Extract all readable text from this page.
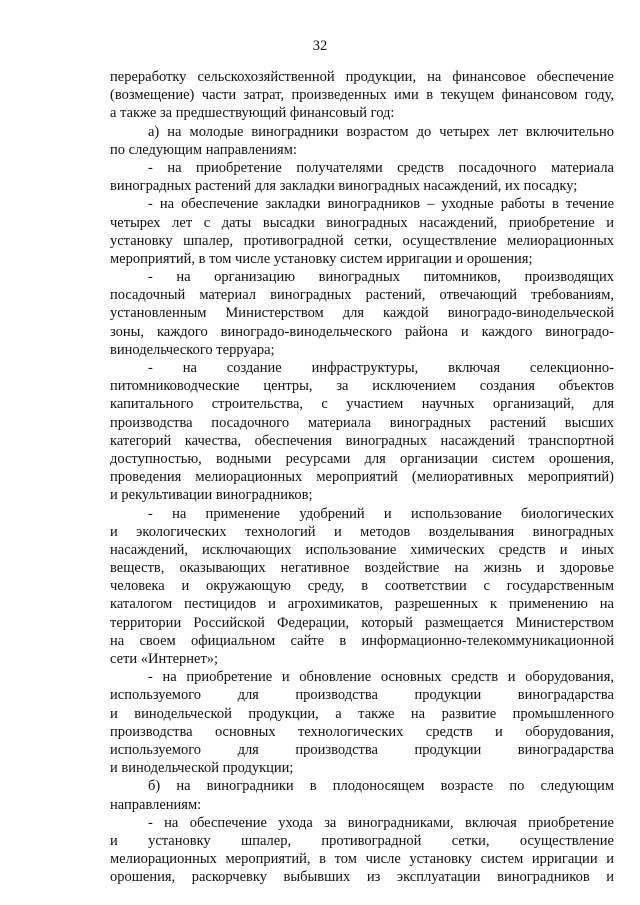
32
переработку сельскохозяйственной продукции, на финансовое обеспечение
(возмещение) части затрат, произведенных ими в текущем финансовом году,
а также за предшествующий финансовый год:
а) на молодые виноградники возрастом до четырех лет включительно
по следующим направлениям:
- на приобретение получателями средств посадочного материала
виноградных растений для закладки виноградных насаждений, их посадку;
- на обеспечение закладки виноградников – уходные работы в течение
четырех лет с даты высадки виноградных насаждений, приобретение и
установку шпалер, противоградной сетки, осуществление мелиорационных
мероприятий, в том числе установку систем ирригации и орошения;
- на организацию виноградных питомников, производящих
посадочный материал виноградных растений, отвечающий требованиям,
установленным Министерством для каждой виноградо-винодельческой
зоны, каждого виноградо-винодельческого района и каждого виноградо-
винодельческого терруара;
- на создание инфраструктуры, включая селекционно-
питомниководческие центры, за исключением создания объектов
капитального строительства, с участием научных организаций, для
производства посадочного материала виноградных растений высших
категорий качества, обеспечения виноградных насаждений транспортной
доступностью, водными ресурсами для организации систем орошения,
проведения мелиорационных мероприятий (мелиоративных мероприятий)
и рекультивации виноградников;
- на применение удобрений и использование биологических
и экологических технологий и методов возделывания виноградных
насаждений, исключающих использование химических средств и иных
веществ, оказывающих негативное воздействие на жизнь и здоровье
человека и окружающую среду, в соответствии с государственным
каталогом пестицидов и агрохимикатов, разрешенных к применению на
территории Российской Федерации, который размещается Министерством
на своем официальном сайте в информационно-телекоммуникационной
сети «Интернет»;
- на приобретение и обновление основных средств и оборудования,
используемого для производства продукции виноградарства
и винодельческой продукции, а также на развитие промышленного
производства основных технологических средств и оборудования,
используемого для производства продукции виноградарства
и винодельческой продукции;
б) на виноградники в плодоносящем возрасте по следующим
направлениям:
- на обеспечение ухода за виноградниками, включая приобретение
и установку шпалер, противоградной сетки, осуществление
мелиорационных мероприятий, в том числе установку систем ирригации и
орошения, раскорчевку выбывших из эксплуатации виноградников и
